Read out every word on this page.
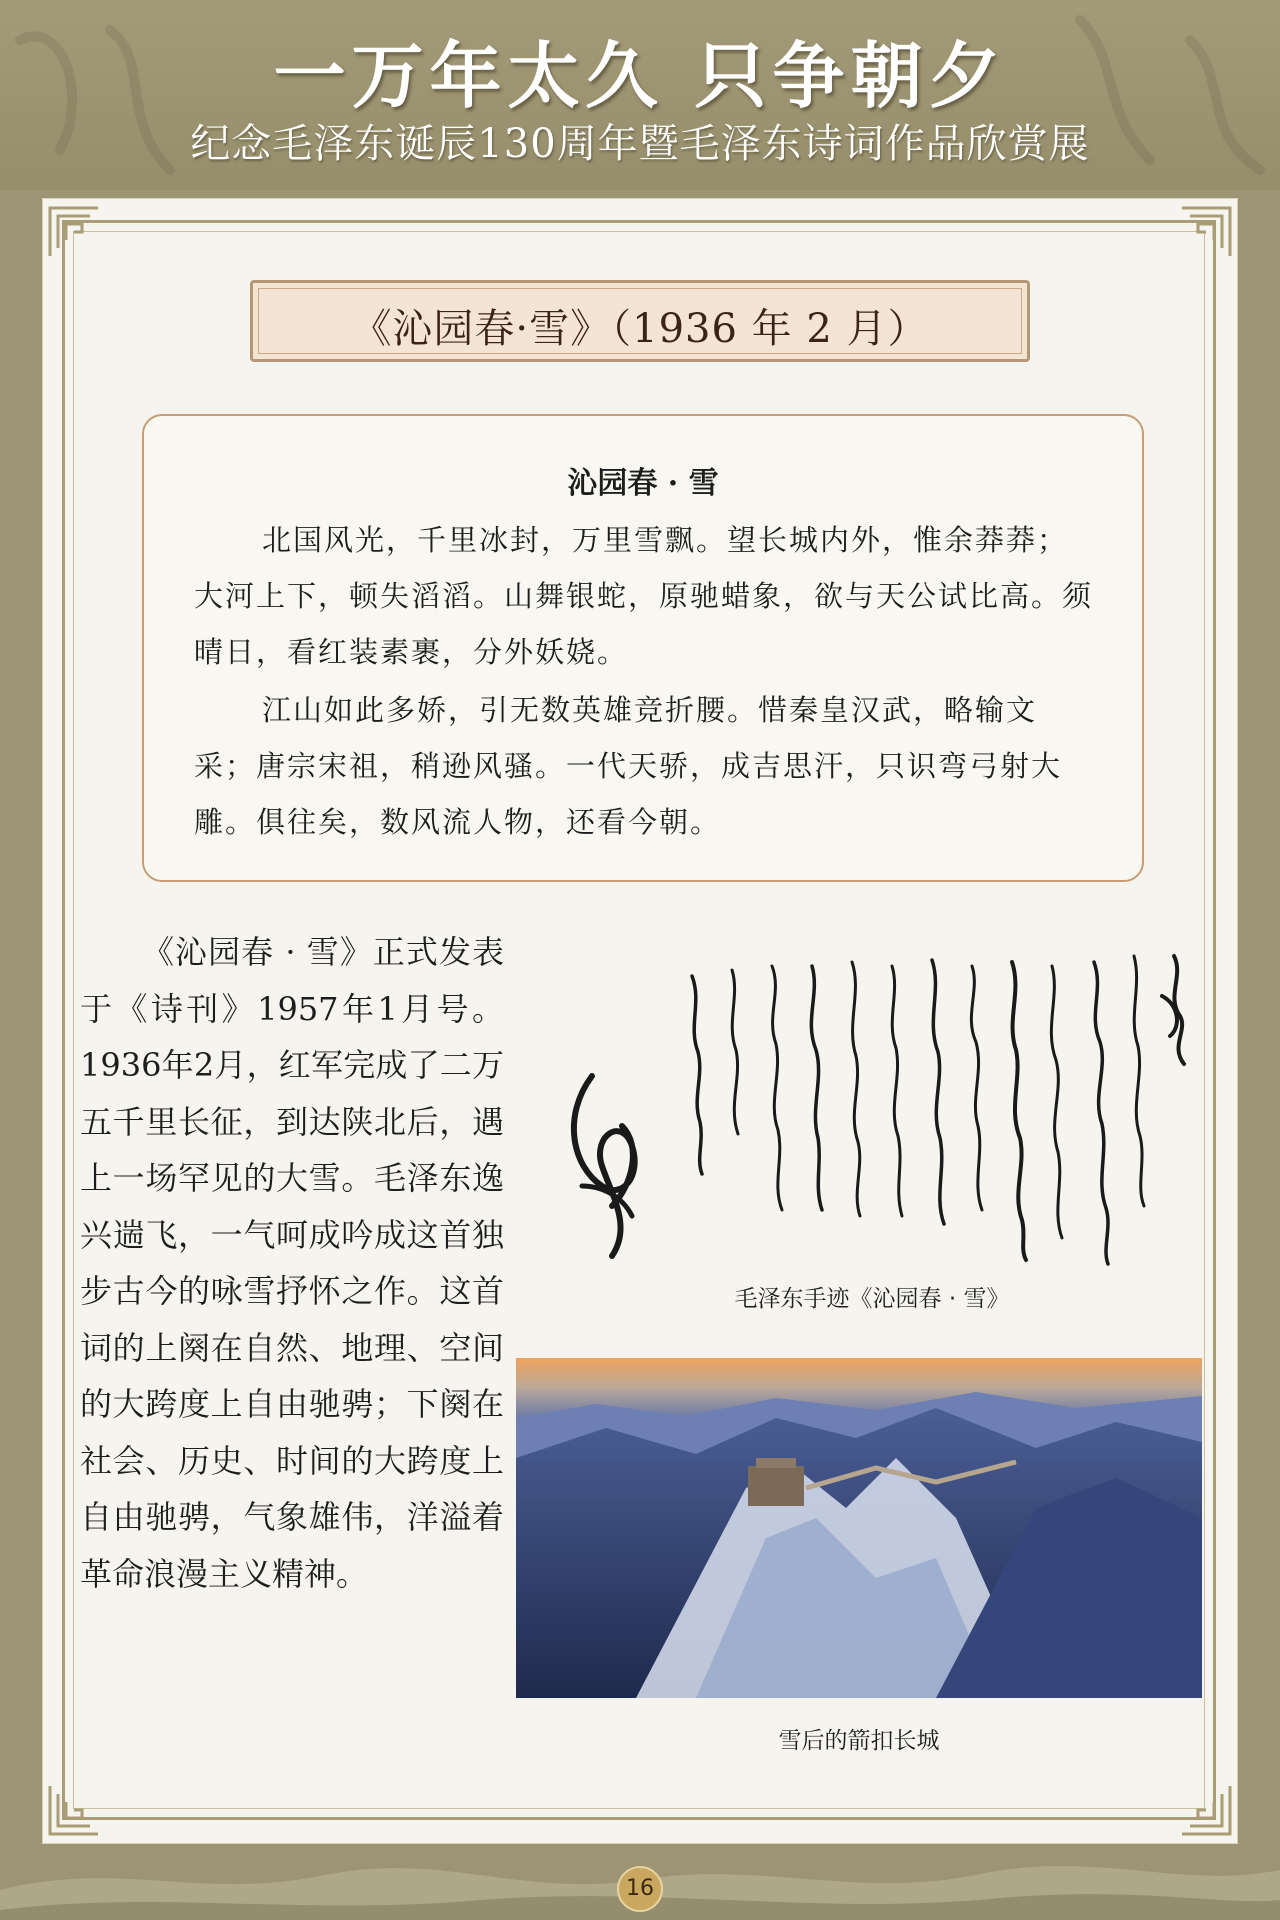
一万年太久 只争朝夕
纪念毛泽东诞辰130周年暨毛泽东诗词作品欣赏展
《沁园春·雪》（1936 年 2 月）
沁园春 · 雪

北国风光，千里冰封，万里雪飘。望长城内外，惟余莽莽；大河上下，顿失滔滔。山舞银蛇，原驰蜡象，欲与天公试比高。须晴日，看红装素裹，分外妖娆。

江山如此多娇，引无数英雄竞折腰。惜秦皇汉武，略输文采；唐宗宋祖，稍逊风骚。一代天骄，成吉思汗，只识弯弓射大雕。俱往矣，数风流人物，还看今朝。

《沁园春 · 雪》正式发表于《诗刊》1957年1月号。1936年2月，红军完成了二万五千里长征，到达陕北后，遇上一场罕见的大雪。毛泽东逸兴遄飞，一气呵成吟成这首独步古今的咏雪抒怀之作。这首词的上阕在自然、地理、空间的大跨度上自由驰骋；下阕在社会、历史、时间的大跨度上自由驰骋，气象雄伟，洋溢着革命浪漫主义精神。

毛泽东手迹《沁园春 · 雪》
雪后的箭扣长城
16
